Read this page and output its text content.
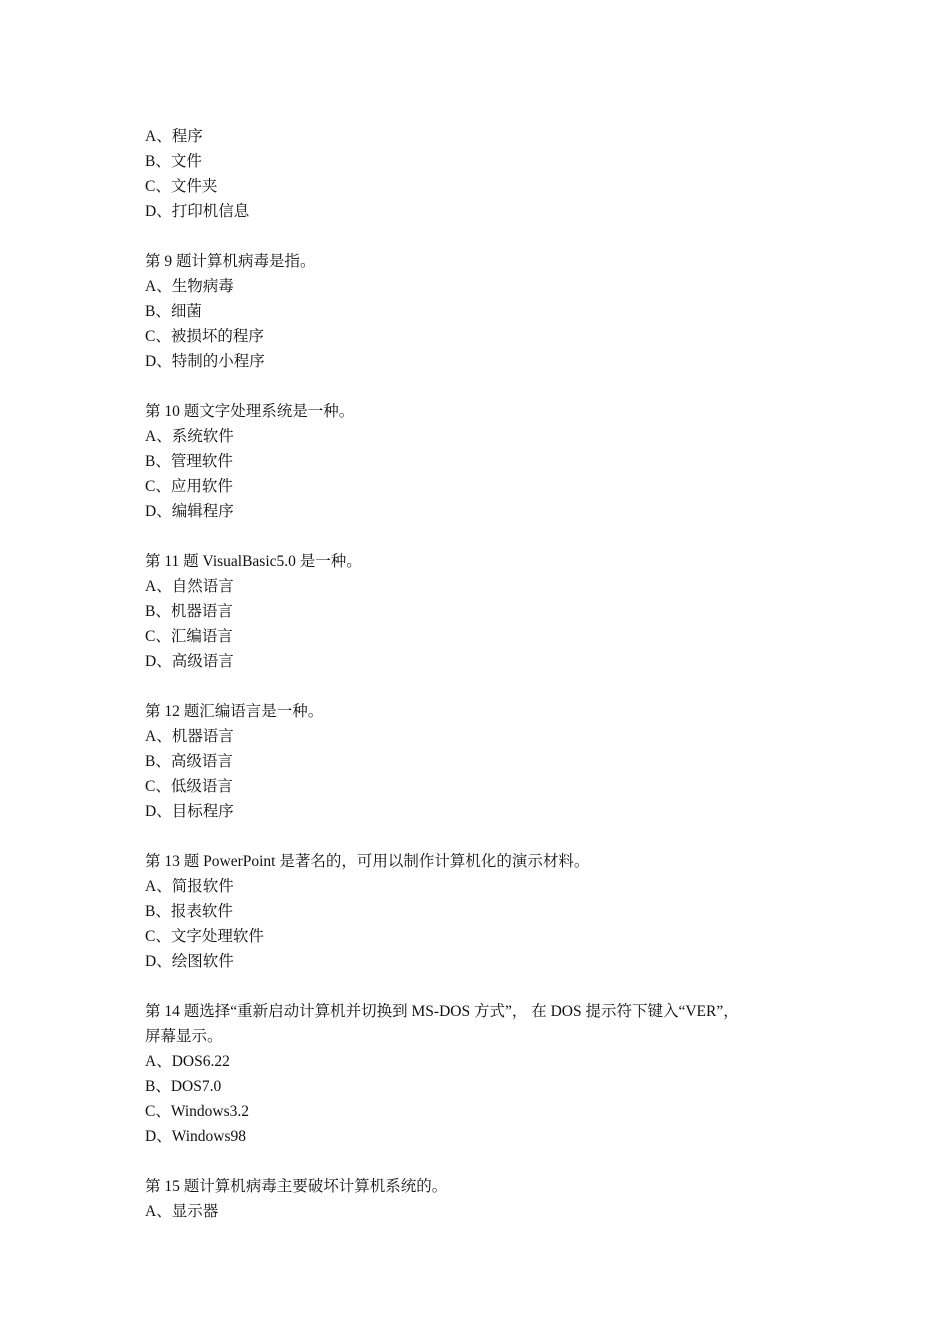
A、程序
B、文件
C、文件夹
D、打印机信息
第 9 题计算机病毒是指。
A、生物病毒
B、细菌
C、被损坏的程序
D、特制的小程序
第 10 题文字处理系统是一种。
A、系统软件
B、管理软件
C、应用软件
D、编辑程序
第 11 题 VisualBasic5.0 是一种。
A、自然语言
B、机器语言
C、汇编语言
D、高级语言
第 12 题汇编语言是一种。
A、机器语言
B、高级语言
C、低级语言
D、目标程序
第 13 题 PowerPoint 是著名的，可用以制作计算机化的演示材料。
A、简报软件
B、报表软件
C、文字处理软件
D、绘图软件
第 14 题选择“重新启动计算机并切换到 MS-DOS 方式”， 在 DOS 提示符下键入“VER”，
屏幕显示。
A、DOS6.22
B、DOS7.0
C、Windows3.2
D、Windows98
第 15 题计算机病毒主要破坏计算机系统的。
A、显示器
